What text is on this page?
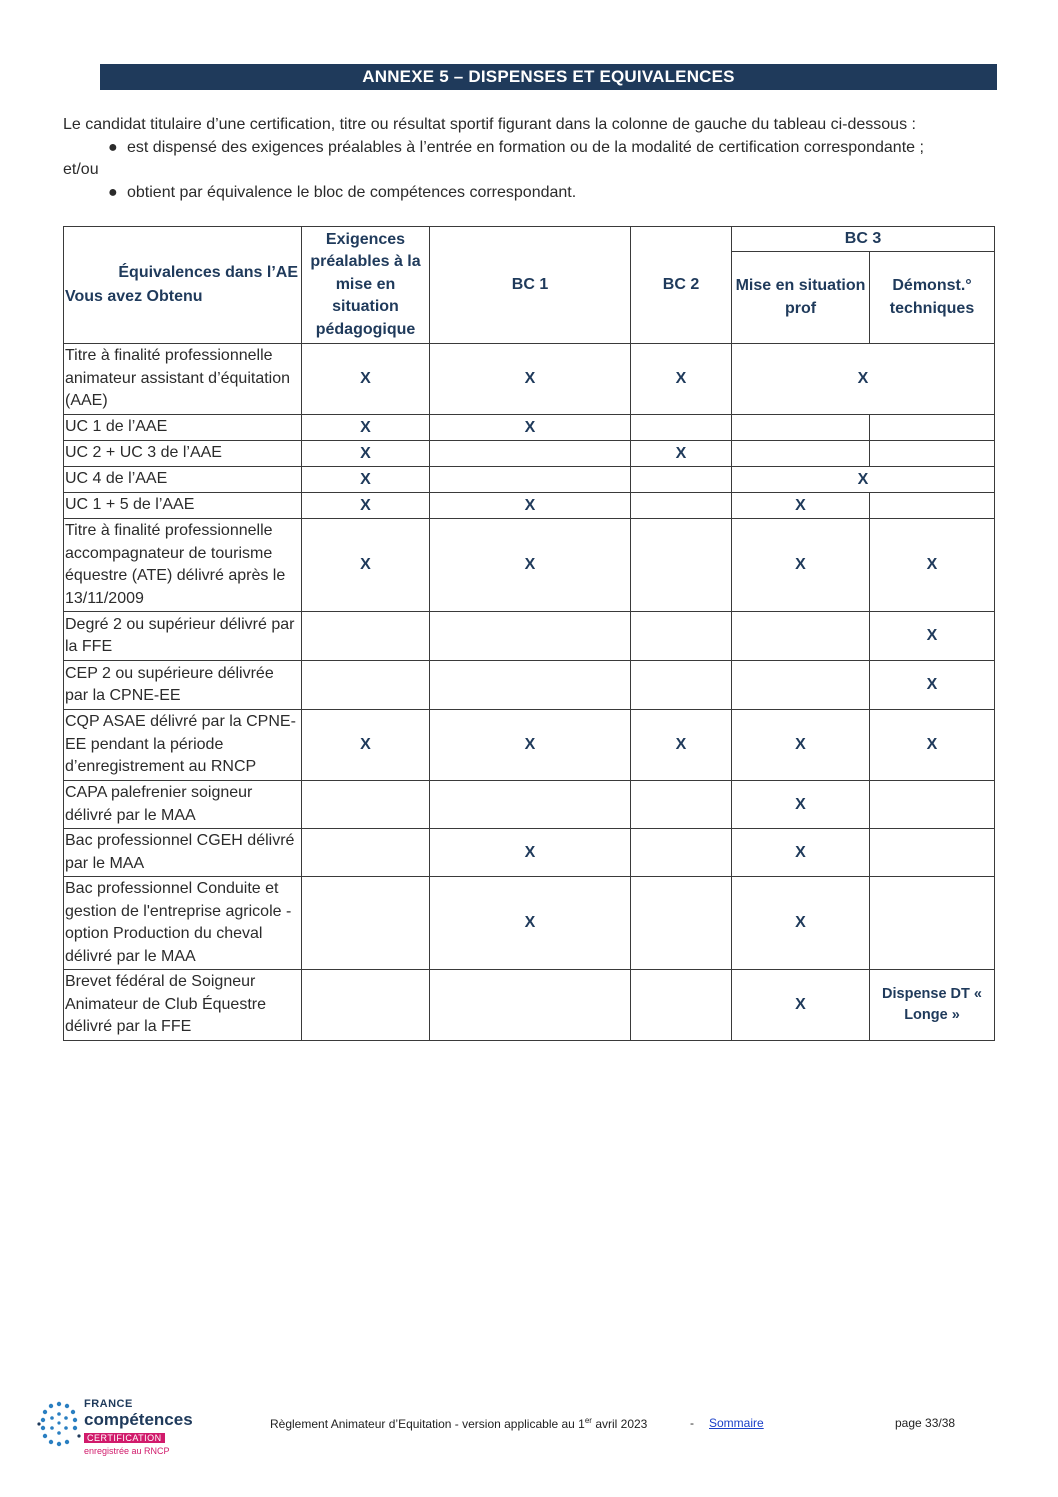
ANNEXE 5 – DISPENSES ET EQUIVALENCES
Le candidat titulaire d’une certification, titre ou résultat sportif figurant dans la colonne de gauche du tableau ci-dessous :
● est dispensé des exigences préalables à l’entrée en formation ou de la modalité de certification correspondante ;
et/ou
● obtient par équivalence le bloc de compétences correspondant.
Équivalences dans l’AE
Vous avez Obtenu	Exigences préalables à la mise en situation pédagogique	BC 1	BC 2	BC 3	
				Mise en situation prof	Démonst.° techniques
Titre à finalité professionnelle animateur assistant d’équitation (AAE)	X	X	X	X	
UC 1 de l’AAE	X	X			
UC 2 + UC 3 de l’AAE	X		X		
UC 4 de l’AAE	X			X	
UC 1 + 5 de l’AAE	X	X		X	
Titre à finalité professionnelle accompagnateur de tourisme équestre (ATE) délivré après le 13/11/2009	X	X		X	X
Degré 2 ou supérieur délivré par la FFE					X
CEP 2 ou supérieure délivrée par la CPNE-EE					X
CQP ASAE délivré par la CPNE-EE pendant la période d’enregistrement au RNCP	X	X	X	X	X
CAPA palefrenier soigneur délivré par le MAA				X	
Bac professionnel CGEH délivré par le MAA		X		X	
Bac professionnel Conduite et gestion de l'entreprise agricole - option Production du cheval délivré par le MAA		X		X	
Brevet fédéral de Soigneur Animateur de Club Équestre délivré par la FFE				X	Dispense DT « Longe »
FRANCE
compétences
CERTIFICATION
enregistrée au RNCP
Règlement Animateur d’Equitation - version applicable au 1er avril 2023	- Sommaire	page 33/38
